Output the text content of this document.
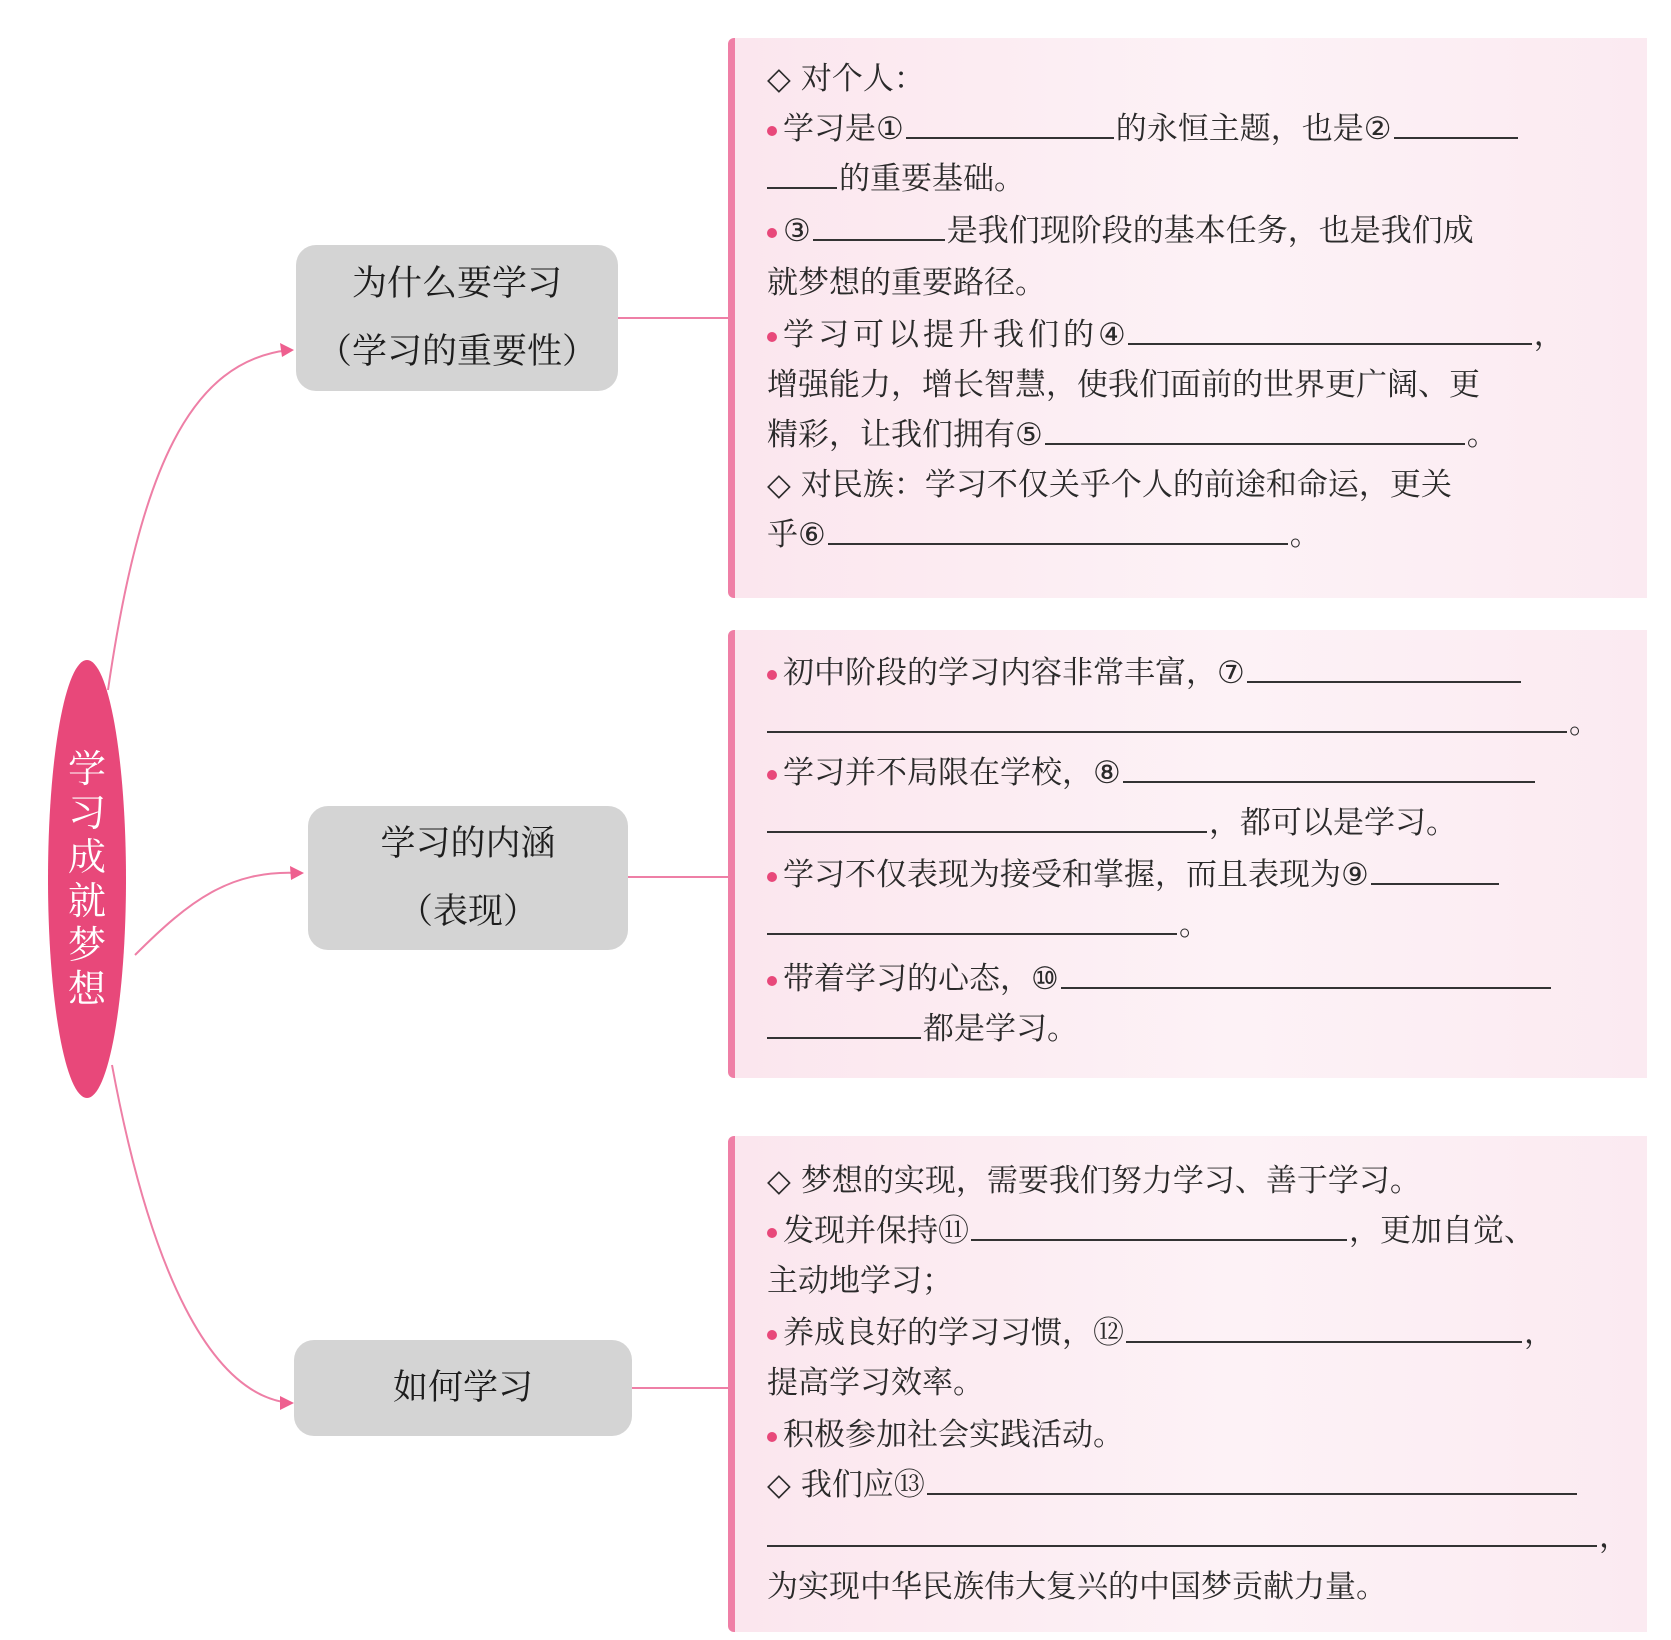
学习成就梦想
为什么要学习
（学习的重要性）
学习的内涵
（表现）
如何学习
◇ 对个人：
学习是①	的永恒主题，也是②
的重要基础。
③	是我们现阶段的基本任务，也是我们成
就梦想的重要路径。
学习可以提升我们的④	，
增强能力，增长智慧，使我们面前的世界更广阔、更
精彩，让我们拥有⑤	。
◇ 对民族：学习不仅关乎个人的前途和命运，更关
乎⑥	。
初中阶段的学习内容非常丰富，⑦
。
学习并不局限在学校，⑧
，都可以是学习。
学习不仅表现为接受和掌握，而且表现为⑨
。
带着学习的心态，⑩
都是学习。
◇ 梦想的实现，需要我们努力学习、善于学习。
发现并保持⑪	，更加自觉、
主动地学习；
养成良好的学习习惯，⑫	，
提高学习效率。
积极参加社会实践活动。
◇ 我们应⑬
，
为实现中华民族伟大复兴的中国梦贡献力量。
